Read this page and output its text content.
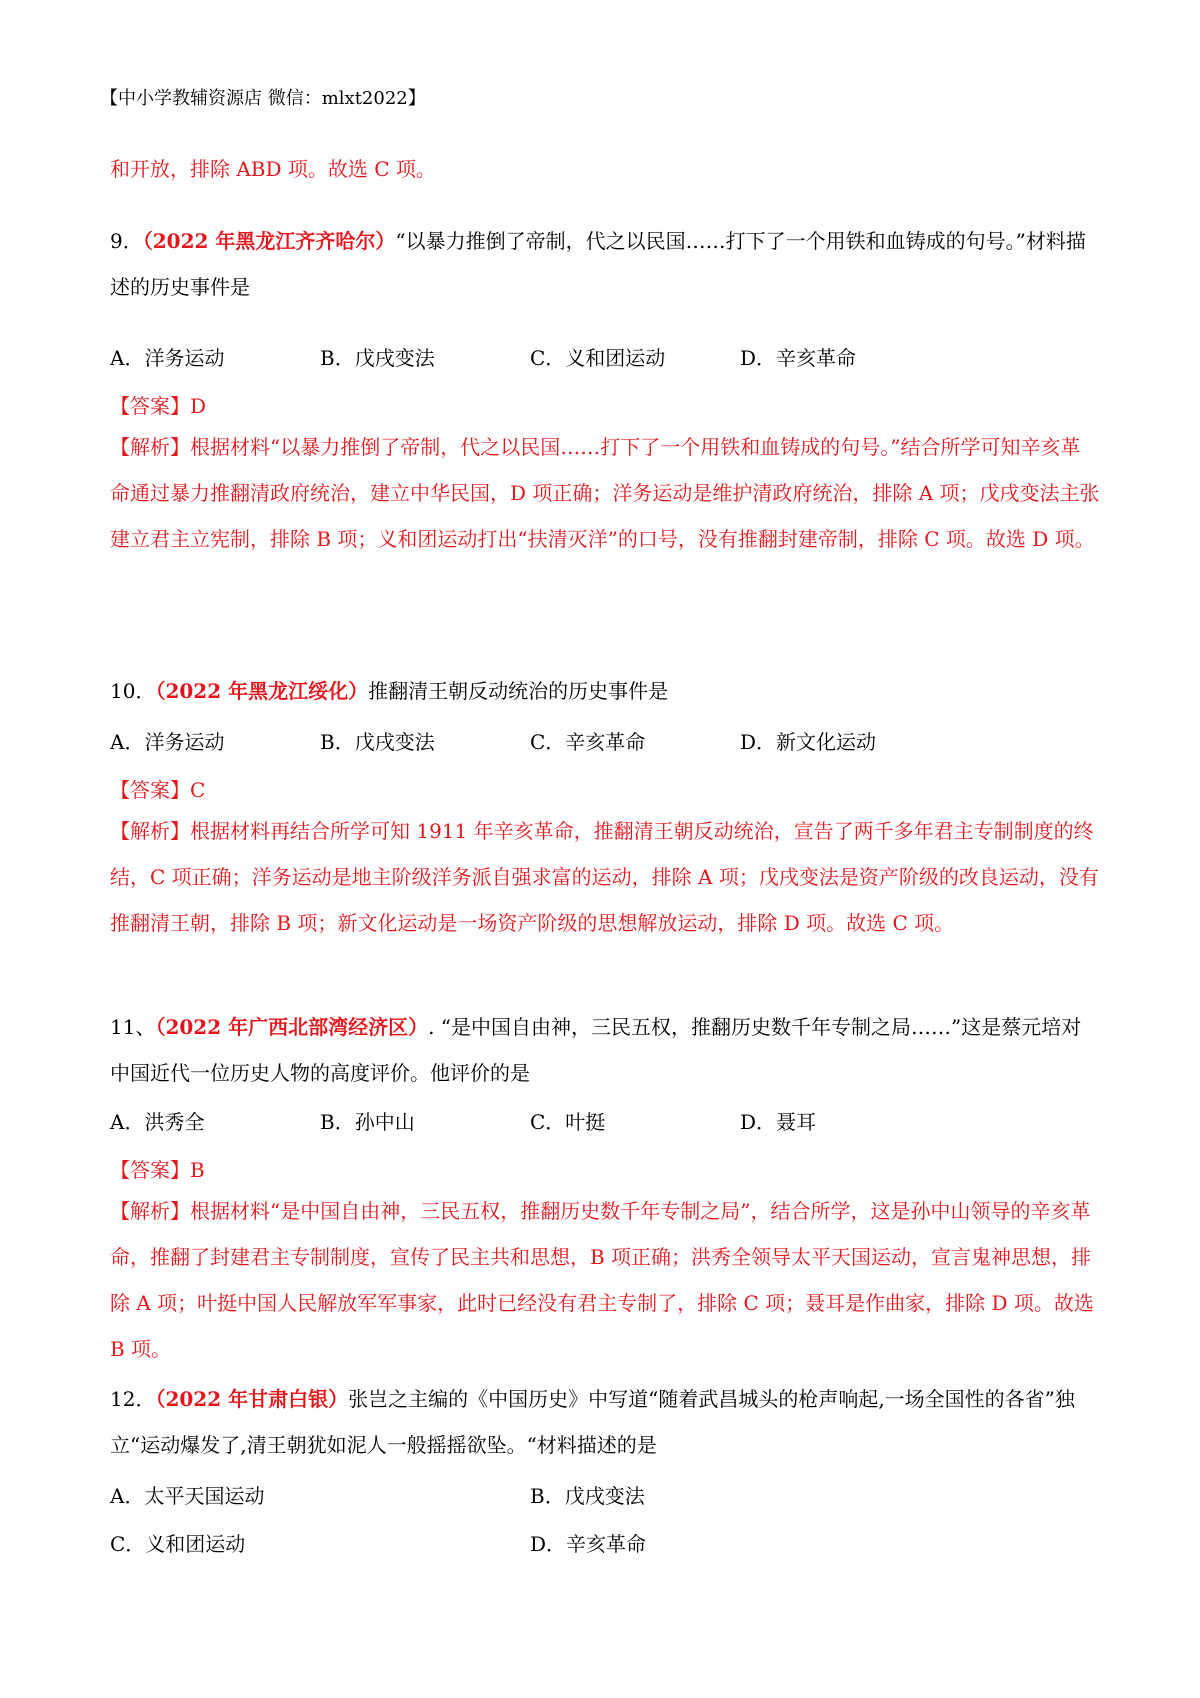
【中小学教辅资源店 微信：mlxt2022】
和开放，排除 ABD 项。故选 C 项。
9．（2022 年黑龙江齐齐哈尔）“以暴力推倒了帝制，代之以民国……打下了一个用铁和血铸成的句号。”材料描述的历史事件是
A．洋务运动	B．戊戌变法	C．义和团运动	D．辛亥革命
【答案】D
【解析】根据材料“以暴力推倒了帝制，代之以民国……打下了一个用铁和血铸成的句号。”结合所学可知辛亥革命通过暴力推翻清政府统治，建立中华民国，D 项正确；洋务运动是维护清政府统治，排除 A 项；戊戌变法主张建立君主立宪制，排除 B 项；义和团运动打出“扶清灭洋”的口号，没有推翻封建帝制，排除 C 项。故选 D 项。
10．（2022 年黑龙江绥化）推翻清王朝反动统治的历史事件是
A．洋务运动	B．戊戌变法	C．辛亥革命	D．新文化运动
【答案】C
【解析】根据材料再结合所学可知 1911 年辛亥革命，推翻清王朝反动统治，宣告了两千多年君主专制制度的终结，C 项正确；洋务运动是地主阶级洋务派自强求富的运动，排除 A 项；戊戌变法是资产阶级的改良运动，没有推翻清王朝，排除 B 项；新文化运动是一场资产阶级的思想解放运动，排除 D 项。故选 C 项。
11、（2022 年广西北部湾经济区）. “是中国自由神，三民五权，推翻历史数千年专制之局……”这是蔡元培对中国近代一位历史人物的高度评价。他评价的是
A．洪秀全	B．孙中山	C．叶挺	D．聂耳
【答案】B
【解析】根据材料“是中国自由神，三民五权，推翻历史数千年专制之局”，结合所学，这是孙中山领导的辛亥革命，推翻了封建君主专制制度，宣传了民主共和思想，B 项正确；洪秀全领导太平天国运动，宣言鬼神思想，排除 A 项；叶挺中国人民解放军军事家，此时已经没有君主专制了，排除 C 项；聂耳是作曲家，排除 D 项。故选 B 项。
12．（2022 年甘肃白银）张岂之主编的《中国历史》中写道“随着武昌城头的枪声响起,一场全国性的各省”独立“运动爆发了,清王朝犹如泥人一般摇摇欲坠。“材料描述的是
A．太平天国运动	B．戊戌变法
C．义和团运动	D．辛亥革命
